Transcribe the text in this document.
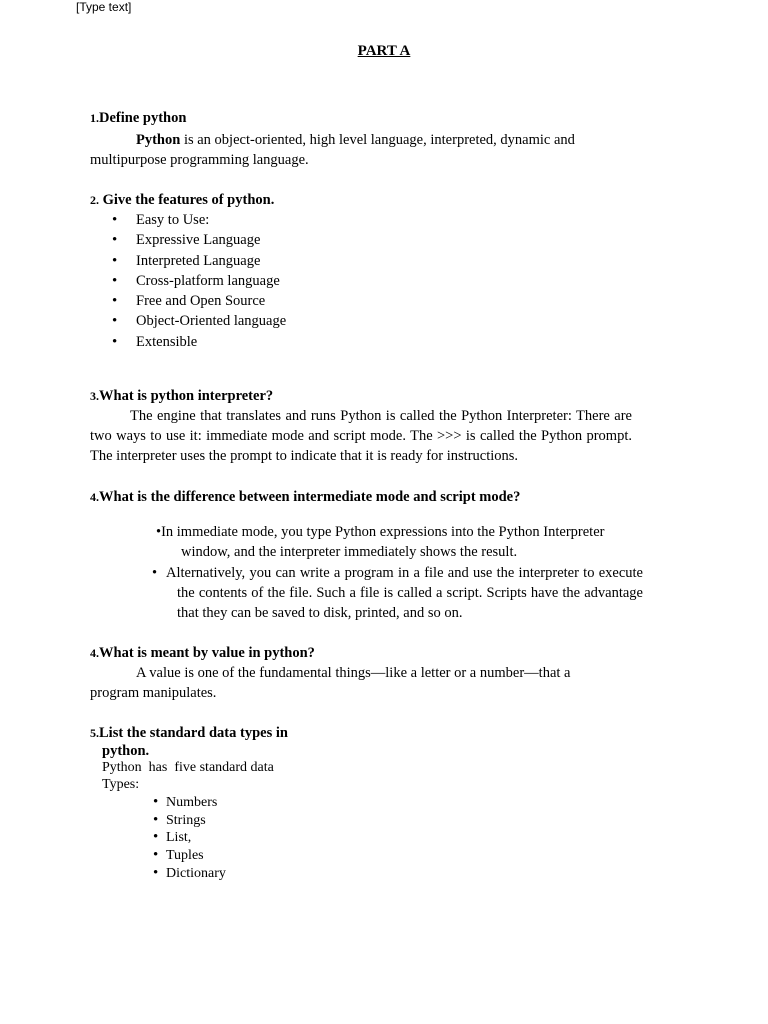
[Type text]
PART A
1.Define python
Python is an object-oriented, high level language, interpreted, dynamic and
multipurpose programming language.
2. Give the features of python.
• Easy to Use:
• Expressive Language
• Interpreted Language
• Cross-platform language
• Free and Open Source
• Object-Oriented language
• Extensible
3.What is python interpreter?
The engine that translates and runs Python is called the Python Interpreter: There are two ways to use it: immediate mode and script mode. The >>> is called the Python prompt. The interpreter uses the prompt to indicate that it is ready for instructions.
4.What is the difference between intermediate mode and script mode?
•In immediate mode, you type Python expressions into the Python Interpreter
window, and the interpreter immediately shows the result.
• Alternatively, you can write a program in a file and use the interpreter to execute the contents of the file. Such a file is called a script. Scripts have the advantage that they can be saved to disk, printed, and so on.
4.What is meant by value in python?
A value is one of the fundamental things—like a letter or a number—that a
program manipulates.
5.List the standard data types in
python.
Python  has  five standard data
Types:
• Numbers
• Strings
• List,
• Tuples
• Dictionary
